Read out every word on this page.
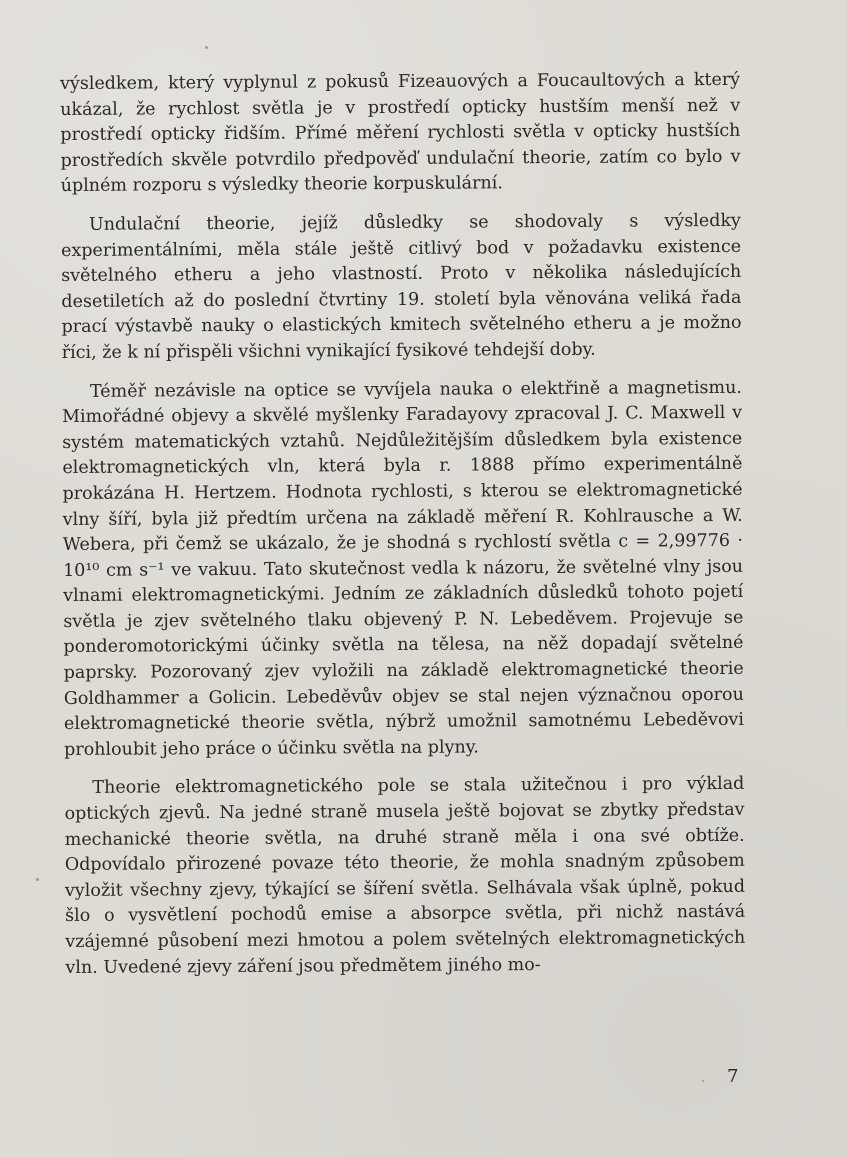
výsledkem, který vyplynul z pokusů Fizeauových a Foucaultových a který ukázal, že rychlost světla je v prostředí opticky hustším menší než v prostředí opticky řidším. Přímé měření rychlosti světla v opticky hustších prostředích skvěle potvrdilo předpověď undulační theorie, zatím co bylo v úplném rozporu s výsledky theorie korpuskulární.

Undulační theorie, jejíž důsledky se shodovaly s výsledky experimentálními, měla stále ještě citlivý bod v požadavku existence světelného etheru a jeho vlastností. Proto v několika následujících desetiletích až do poslední čtvrtiny 19. století byla věnována veliká řada prací výstavbě nauky o elastických kmitech světelného etheru a je možno říci, že k ní přispěli všichni vynikající fysikové tehdejší doby.

Téměř nezávisle na optice se vyvíjela nauka o elektřině a magnetismu. Mimořádné objevy a skvělé myšlenky Faradayovy zpracoval J. C. Maxwell v systém matematických vztahů. Nejdůležitějším důsledkem byla existence elektromagnetických vln, která byla r. 1888 přímo experimentálně prokázána H. Hertzem. Hodnota rychlosti, s kterou se elektromagnetické vlny šíří, byla již předtím určena na základě měření R. Kohlrausche a W. Webera, při čemž se ukázalo, že je shodná s rychlostí světla c = 2,99776 · 10¹⁰ cm s⁻¹ ve vakuu. Tato skutečnost vedla k názoru, že světelné vlny jsou vlnami elektromagnetickými. Jedním ze základních důsledků tohoto pojetí světla je zjev světelného tlaku objevený P. N. Lebeděvem. Projevuje se ponderomotorickými účinky světla na tělesa, na něž dopadají světelné paprsky. Pozorovaný zjev vyložili na základě elektromagnetické theorie Goldhammer a Golicin. Lebeděvův objev se stal nejen význačnou oporou elektromagnetické theorie světla, nýbrž umožnil samotnému Lebeděvovi prohloubit jeho práce o účinku světla na plyny.

Theorie elektromagnetického pole se stala užitečnou i pro výklad optických zjevů. Na jedné straně musela ještě bojovat se zbytky představ mechanické theorie světla, na druhé straně měla i ona své obtíže. Odpovídalo přirozené povaze této theorie, že mohla snadným způsobem vyložit všechny zjevy, týkající se šíření světla. Selhávala však úplně, pokud šlo o vysvětlení pochodů emise a absorpce světla, při nichž nastává vzájemné působení mezi hmotou a polem světelných elektromagnetických vln. Uvedené zjevy záření jsou předmětem jiného mo-

7
